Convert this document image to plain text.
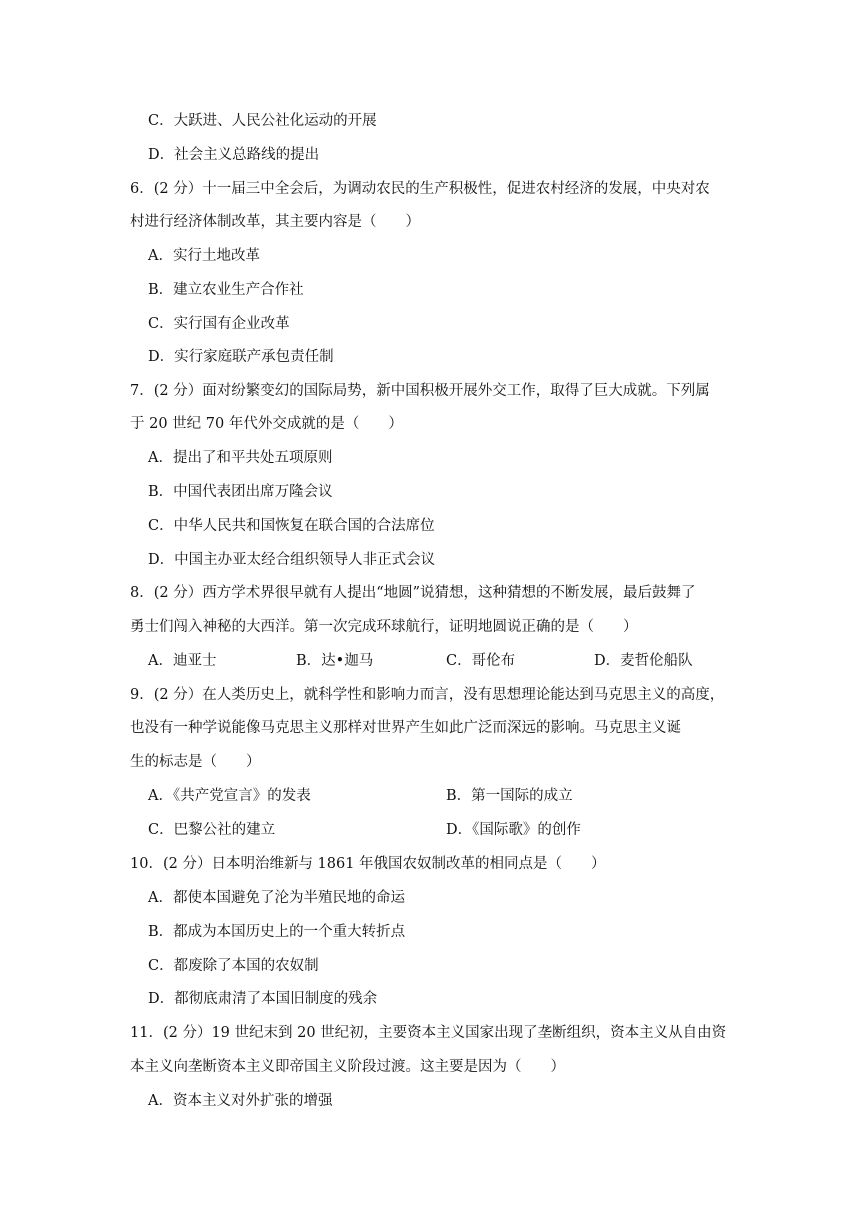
C．大跃进、人民公社化运动的开展
D．社会主义总路线的提出
6．(2 分）十一届三中全会后，为调动农民的生产积极性，促进农村经济的发展，中央对农
村进行经济体制改革，其主要内容是（　　）
A．实行土地改革
B．建立农业生产合作社
C．实行国有企业改革
D．实行家庭联产承包责任制
7．(2 分）面对纷繁变幻的国际局势，新中国积极开展外交工作，取得了巨大成就。下列属
于 20 世纪 70 年代外交成就的是（　　）
A．提出了和平共处五项原则
B．中国代表团出席万隆会议
C．中华人民共和国恢复在联合国的合法席位
D．中国主办亚太经合组织领导人非正式会议
8．(2 分）西方学术界很早就有人提出“地圆”说猜想，这种猜想的不断发展，最后鼓舞了
勇士们闯入神秘的大西洋。第一次完成环球航行，证明地圆说正确的是（　　）
A．迪亚士	B．达•迦马	C．哥伦布	D．麦哲伦船队
9．(2 分）在人类历史上，就科学性和影响力而言，没有思想理论能达到马克思主义的高度，
也没有一种学说能像马克思主义那样对世界产生如此广泛而深远的影响。马克思主义诞
生的标志是（　　）
A．《共产党宣言》的发表	B．第一国际的成立
C．巴黎公社的建立	D．《国际歌》的创作
10．(2 分）日本明治维新与 1861 年俄国农奴制改革的相同点是（　　）
A．都使本国避免了沦为半殖民地的命运
B．都成为本国历史上的一个重大转折点
C．都废除了本国的农奴制
D．都彻底肃清了本国旧制度的残余
11．(2 分）19 世纪末到 20 世纪初，主要资本主义国家出现了垄断组织，资本主义从自由资
本主义向垄断资本主义即帝国主义阶段过渡。这主要是因为（　　）
A．资本主义对外扩张的增强
